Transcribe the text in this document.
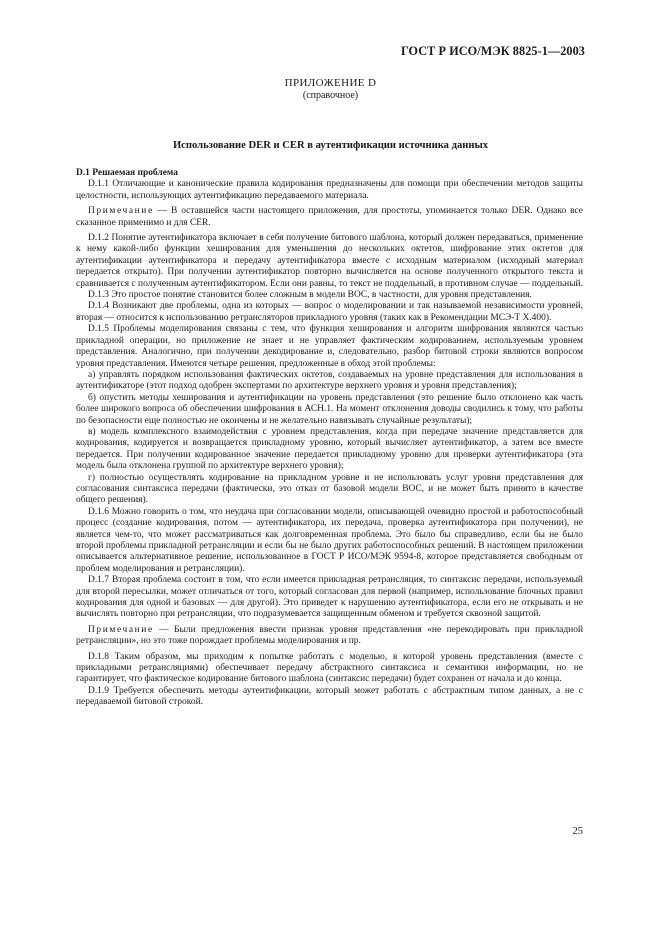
ГОСТ Р ИСО/МЭК 8825-1—2003
ПРИЛОЖЕНИЕ D
(справочное)
Использование DER и CER в аутентификации источника данных

D.1 Решаемая проблема

D.1.1 Отличающие и канонические правила кодирования предназначены для помощи при обеспечении методов защиты целостности, использующих аутентификацию передаваемого материала.

Примечание — В оставшейся части настоящего приложения, для простоты, упоминается только DER. Однако все сказанное применимо и для CER.

D.1.2 Понятие аутентификатора включает в себя получение битового шаблона, который должен передаваться, применение к нему какой-либо функции хеширования для уменьшения до нескольких октетов, шифрование этих октетов для аутентификации аутентификатора и передачу аутентификатора вместе с исходным материалом (исходный материал передается открыто). При получении аутентификатор повторно вычисляется на основе полученного открытого текста и сравнивается с полученным аутентификатором. Если они равны, то текст не поддельный, в противном случае — поддельный.

D.1.3 Это простое понятие становится более сложным в модели ВОС, в частности, для уровня представления.

D.1.4 Возникают две проблемы, одна из которых — вопрос о моделировании и так называемой независимости уровней, вторая — относится к использованию ретрансляторов прикладного уровня (таких как в Рекомендации МСЭ-Т X.400).

D.1.5 Проблемы моделирования связаны с тем, что функция хеширования и алгоритм шифрования являются частью прикладной операции, но приложение не знает и не управляет фактическим кодированием, используемым уровнем представления. Аналогично, при получении декодирование и, следовательно, разбор битовой строки являются вопросом уровня представления. Имеются четыре решения, предложенные в обход этой проблемы:

а) управлять порядком использования фактических октетов, создаваемых на уровне представления для использования в аутентификаторе (этот подход одобрен экспертами по архитектуре верхнего уровня и уровня представления);

б) опустить методы хеширования и аутентификации на уровень представления (это решение было отклонено как часть более широкого вопроса об обеспечении шифрования в АСН.1. На момент отклонения доводы сводились к тому, что работы по безопасности еще полностью не окончены и не желательно навязывать случайные результаты);

в) модель комплексного взаимодействия с уровнем представления, когда при передаче значение представляется для кодирования, кодируется и возвращается прикладному уровню, который вычисляет аутентификатор, а затем все вместе передается. При получении кодированное значение передается прикладному уровню для проверки аутентификатора (эта модель была отклонена группой по архитектуре верхнего уровня);

г) полностью осуществлять кодирование на прикладном уровне и не использовать услуг уровня представления для согласования синтаксиса передачи (фактически, это отказ от базовой модели ВОС, и не может быть принято в качестве общего решения).

D.1.6 Можно говорить о том, что неудача при согласовании модели, описывающей очевидно простой и работоспособный процесс (создание кодирования, потом — аутентификатора, их передача, проверка аутентификатора при получении), не является чем-то, что может рассматриваться как долговременная проблема. Это было бы справедливо, если бы не было второй проблемы прикладной ретрансляции и если бы не было других работоспособных решений. В настоящем приложении описывается альтернативное решение, использованное в ГОСТ Р ИСО/МЭК 9594-8, которое представляется свободным от проблем моделирования и ретрансляции).

D.1.7 Вторая проблема состоит в том, что если имеется прикладная ретрансляция, то синтаксис передачи, используемый для второй пересылки, может отличаться от того, который согласован для первой (например, использование блочных правил кодирования для одной и базовых — для другой). Это приведет к нарушению аутентификатора, если его не открывать и не вычислять повторно при ретрансляции, что подразумевается защищенным обменом и требуется сквозной защитой.

Примечание — Были предложения ввести признак уровня представления «не перекодировать при прикладной ретрансляции», но это тоже порождает проблемы моделирования и пр.

D.1.8 Таким образом, мы приходим к попытке работать с моделью, в которой уровень представления (вместе с прикладными ретрансляциями) обеспечивает передачу абстрактного синтаксиса и семантики информации, но не гарантирует, что фактическое кодирование битового шаблона (синтаксис передачи) будет сохранен от начала и до конца.

D.1.9 Требуется обеспечить методы аутентификации, который может работать с абстрактным типом данных, а не с передаваемой битовой строкой.

25
